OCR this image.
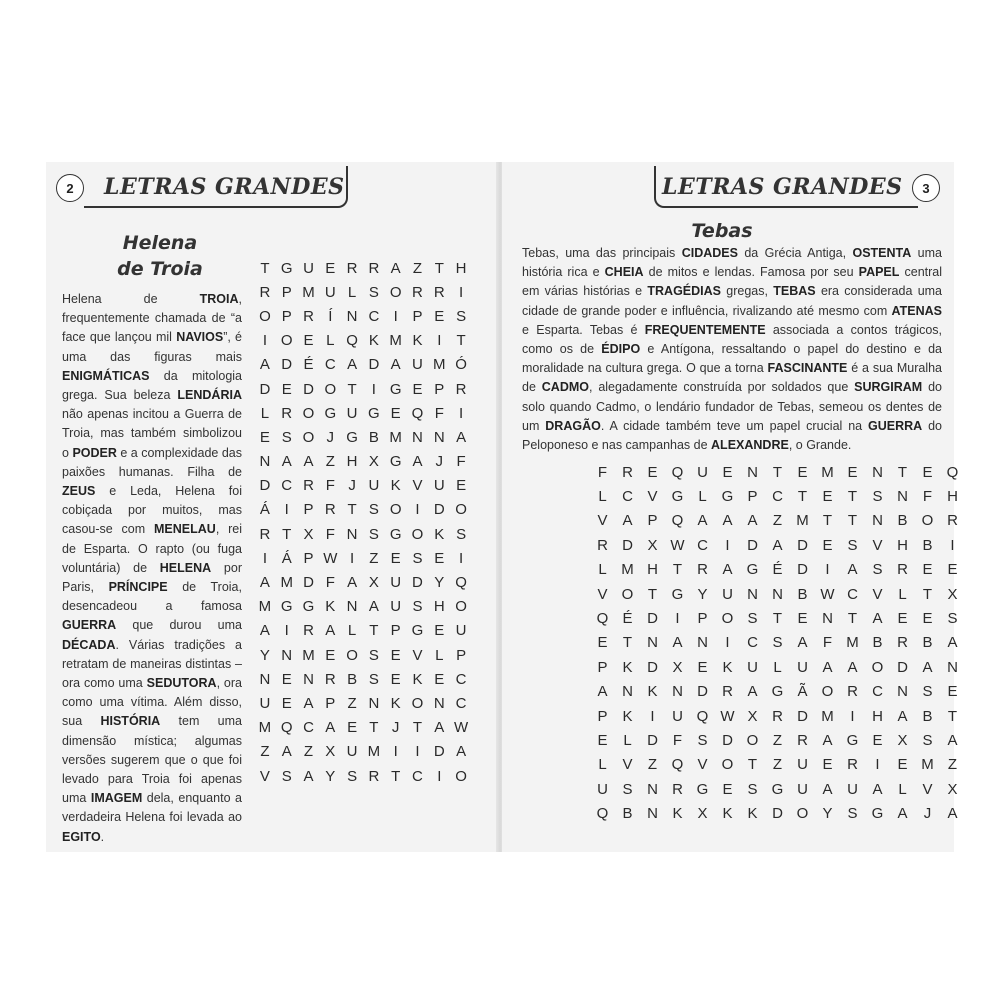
2	LETRAS GRANDES
Helena
de Troia
Helena de TROIA, frequentemente chamada de “a face que lançou mil NAVIOS”, é uma das figuras mais ENIGMÁTICAS da mitologia grega. Sua beleza LENDÁRIA não apenas incitou a Guerra de Troia, mas também simbolizou o PODER e a complexidade das paixões humanas. Filha de ZEUS e Leda, Helena foi cobiçada por muitos, mas casou-se com MENELAU, rei de Esparta. O rapto (ou fuga voluntária) de HELENA por Paris, PRÍNCIPE de Troia, desencadeou a famosa GUERRA que durou uma DÉCADA. Várias tradições a retratam de maneiras distintas – ora como uma SEDUTORA, ora como uma vítima. Além disso, sua HISTÓRIA tem uma dimensão mística; algumas versões sugerem que o que foi levado para Troia foi apenas uma IMAGEM dela, enquanto a verdadeira Helena foi levada ao EGITO.
T G U E R R A Z T H
R P M U L S O R R I
O P R Í N C I P E S
I O E L Q K M K I	T
A D É C A D A U M Ó
D E D O T	I G E P R
L R O G U G E Q F	I
E S O J G B M N N A
N A A Z H X G A J F
D C R F J U K V U E
Á I P R T S O I D O
R T X F N S G O K S
I Á P W I	Z E S E I
A M D F A X U D Y Q
M G G K N A U S H O
A I R A L T P G E U
Y N M E O S E V L P
N E N R B S E K E C
U E A P Z N K O N C
M Q C A E T J T A W
Z A Z X U M I	I D A
V S A Y S R T C I O
LETRAS GRANDES	3
Tebas
Tebas, uma das principais CIDADES da Grécia Antiga, OSTENTA uma história rica e CHEIA de mitos e lendas. Famosa por seu PAPEL central em várias histórias e TRAGÉDIAS gregas, TEBAS era considerada uma cidade de grande poder e influência, rivalizando até mesmo com ATENAS e Esparta. Tebas é FREQUENTEMENTE associada a contos trágicos, como os de ÉDIPO e Antígona, ressaltando o papel do destino e da moralidade na cultura grega. O que a torna FASCINANTE é a sua Muralha de CADMO, alegadamente construída por soldados que SURGIRAM do solo quando Cadmo, o lendário fundador de Tebas, semeou os dentes de um DRAGÃO. A cidade também teve um papel crucial na GUERRA do Peloponeso e nas campanhas de ALEXANDRE, o Grande.
F	R E Q U E N T	E M E N T	E Q
L	C V G	L G P C T	E	T	S N F	H
V A P Q A A A	Z M T	T	N B O R
R D X W C	I	D A D E S V H B	I
L M H T	R A G É D	I	A S R E E
V O T G Y U N N B W C V	L	T	X
Q É D	I	P O S	T	E N T	A E E S
E	T	N A N	I	C S A	F M B R B A
P K D X E K U	L	U A A O D A N
A N K N D R A G Ã O R C N S E
P K	I	U Q W X R D M	I	H A B	T
E	L	D F	S D O Z	R A G E X S A
L	V	Z Q V O T	Z	U E R	I	E M Z
U S N R G E S G U A U A	L	V X
Q B N K X K K D O Y S G A	J	A
